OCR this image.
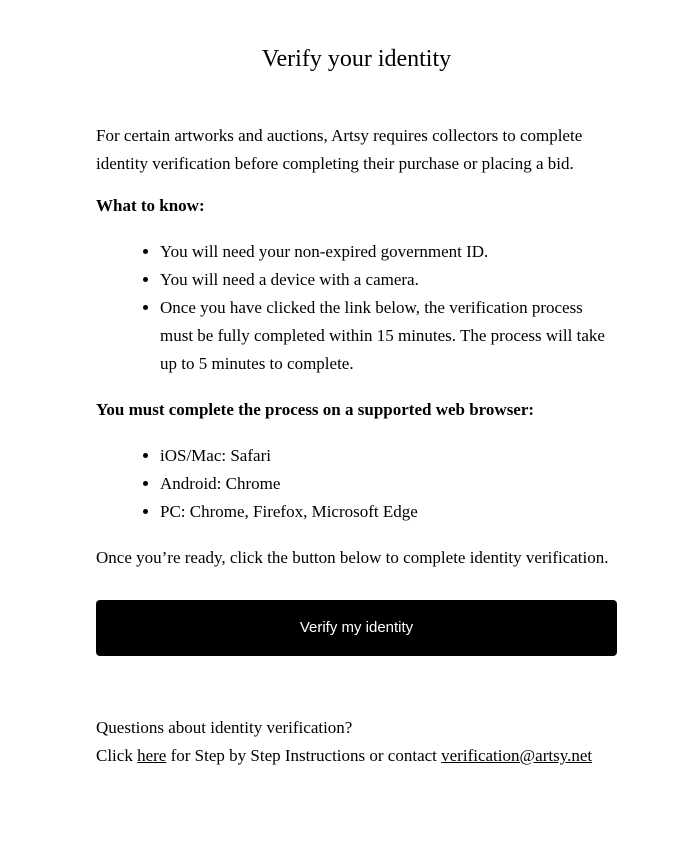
Verify your identity

For certain artworks and auctions, Artsy requires collectors to complete identity verification before completing their purchase or placing a bid.

What to know:

• You will need your non-expired government ID.
• You will need a device with a camera.
• Once you have clicked the link below, the verification process must be fully completed within 15 minutes. The process will take up to 5 minutes to complete.

You must complete the process on a supported web browser:

• iOS/Mac: Safari
• Android: Chrome
• PC: Chrome, Firefox, Microsoft Edge

Once you’re ready, click the button below to complete identity verification.

Verify my identity

Questions about identity verification?

Click here for Step by Step Instructions or contact verification@artsy.net
